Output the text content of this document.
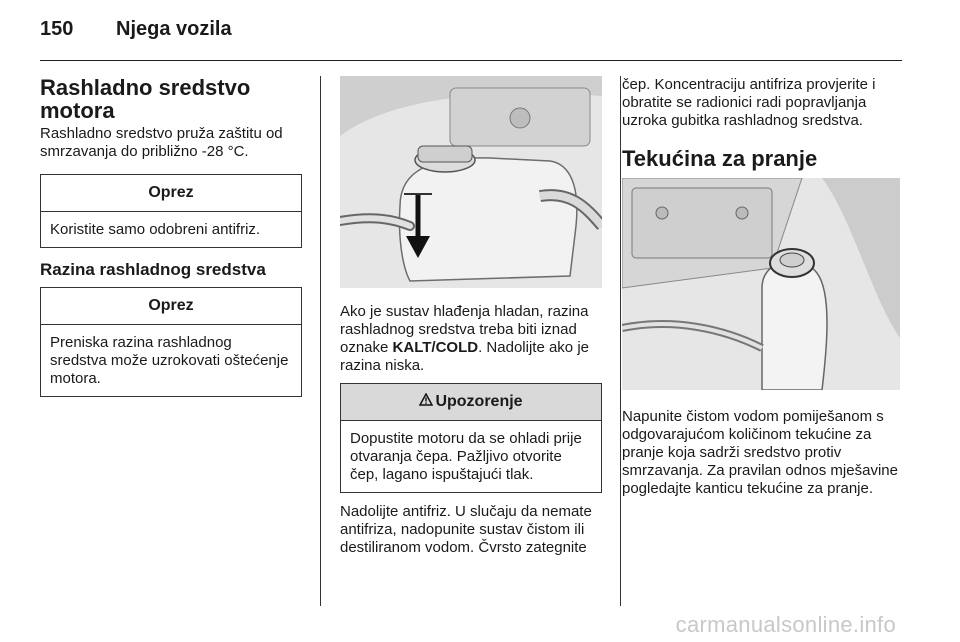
150	Njega vozila
Rashladno sredstvo motora

Rashladno sredstvo pruža zaštitu od smrzavanja do približno -28 °C.

Oprez
Koristite samo odobreni antifriz.
Razina rashladnog sredstva
Oprez
Preniska razina rashladnog sredstva može uzrokovati oštećenje motora.

Ako je sustav hlađenja hladan, razina rashladnog sredstva treba biti iznad oznake KALT/COLD. Nadolijte ako je razina niska.

Upozorenje
Dopustite motoru da se ohladi prije otvaranja čepa. Pažljivo otvorite čep, lagano ispuštajući tlak.

Nadolijte antifriz. U slučaju da nemate antifriza, nadopunite sustav čistom ili destiliranom vodom. Čvrsto zategnite

čep. Koncentraciju antifriza provjerite i obratite se radionici radi popravljanja uzroka gubitka rashladnog sredstva.

Tekućina za pranje

Napunite čistom vodom pomiješanom s odgovarajućom količinom tekućine za pranje koja sadrži sredstvo protiv smrzavanja. Za pravilan odnos mješavine pogledajte kanticu tekućine za pranje.

carmanualsonline.info
